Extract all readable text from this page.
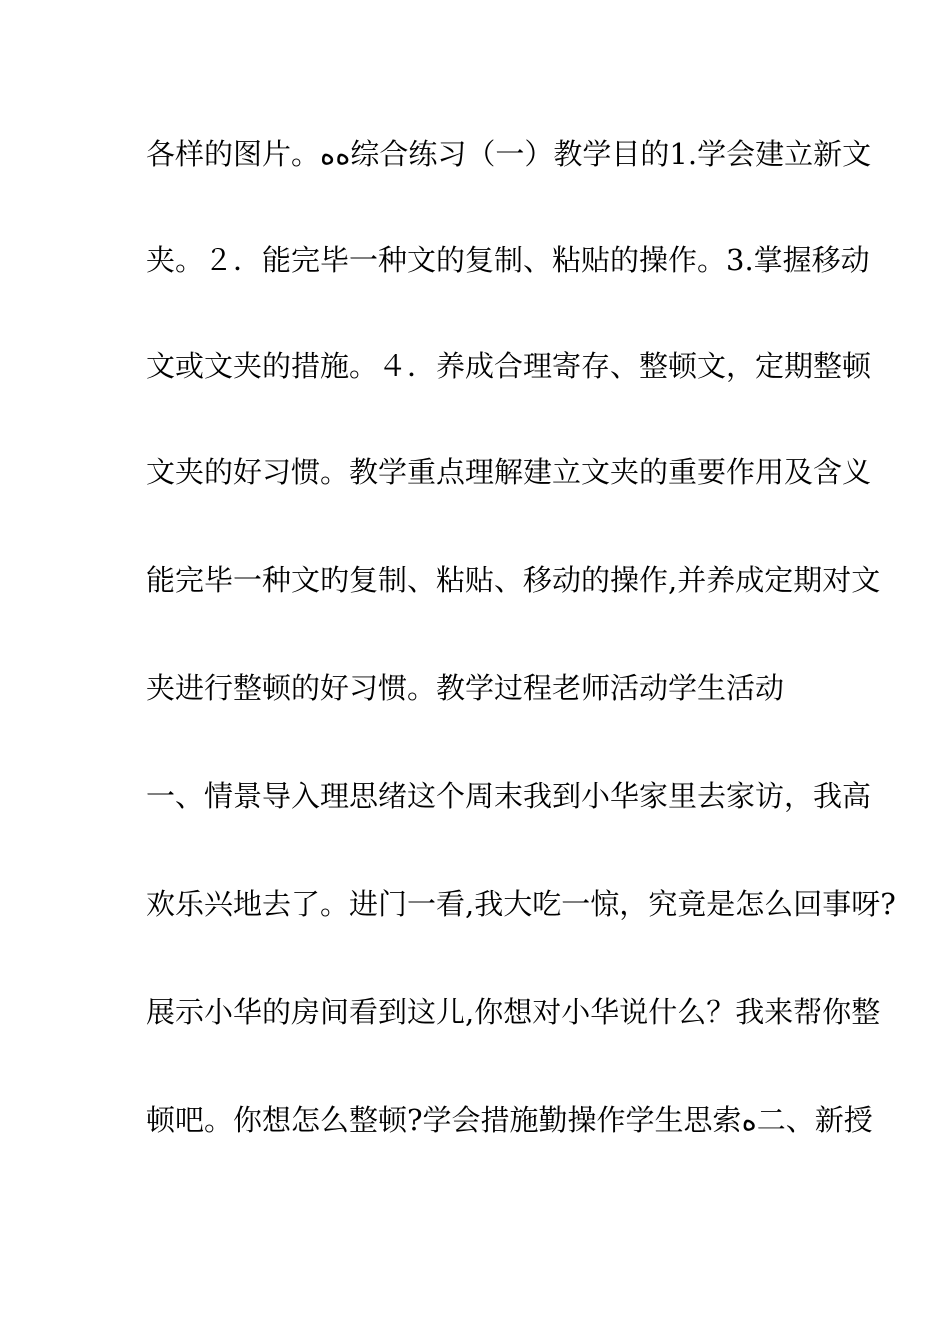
各样的图片。ﻩﻩ综合练习（一）教学目的1.学会建立新文
夹。２．能完毕一种文的复制、粘贴的操作。3.掌握移动
文或文夹的措施。４．养成合理寄存、整顿文，定期整顿
文夹的好习惯。教学重点理解建立文夹的重要作用及含义
能完毕一种文旳复制、粘贴、移动的操作,并养成定期对文
夹进行整顿的好习惯。教学过程老师活动学生活动
一、情景导入理思绪这个周末我到小华家里去家访，我高
欢乐兴地去了。进门一看,我大吃一惊，究竟是怎么回事呀?
展示小华的房间看到这儿,你想对小华说什么？我来帮你整
顿吧。你想怎么整顿?学会措施勤操作学生思索ﻩ二、新授
